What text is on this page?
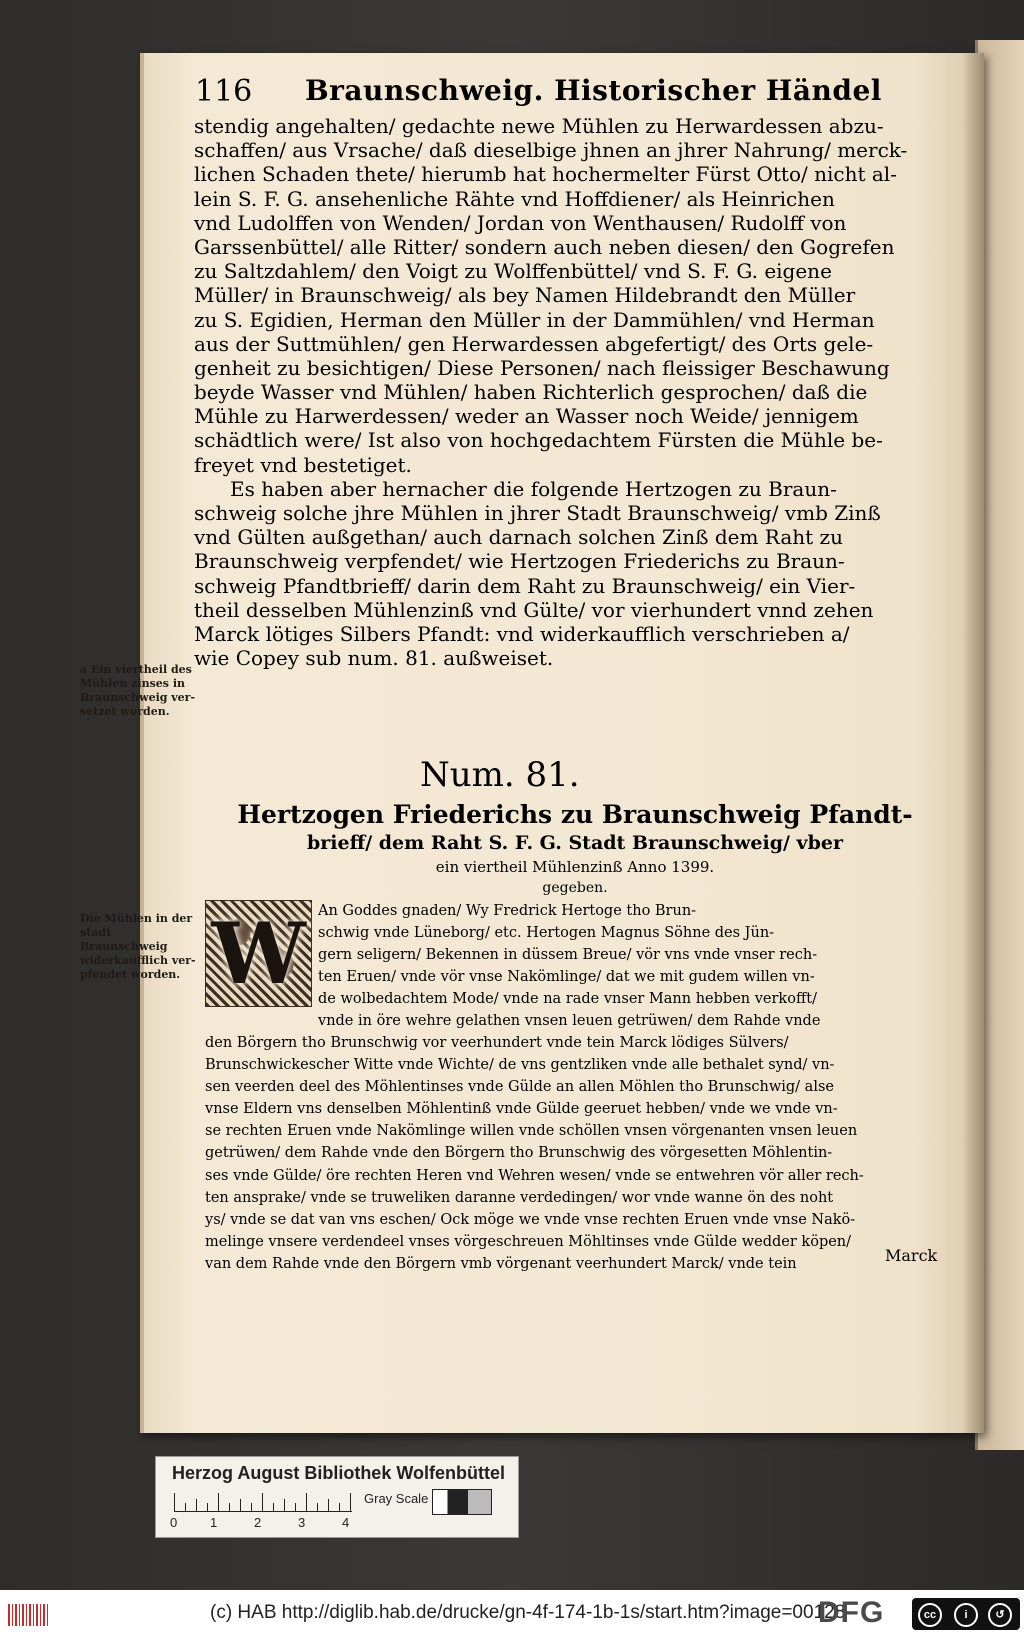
116 Braunschweig. Historischer Händel
stendig angehalten/ gedachte newe Mühlen zu Herwardessen abzu-
schaffen/ aus Vrsache/ daß dieselbige jhnen an jhrer Nahrung/ merck-
lichen Schaden thete/ hierumb hat hochermelter Fürst Otto/ nicht al-
lein S. F. G. ansehenliche Rähte vnd Hoffdiener/ als Heinrichen
vnd Ludolffen von Wenden/ Jordan von Wenthausen/ Rudolff von
Garssenbüttel/ alle Ritter/ sondern auch neben diesen/ den Gogrefen
zu Saltzdahlem/ den Voigt zu Wolffenbüttel/ vnd S. F. G. eigene
Müller/ in Braunschweig/ als bey Namen Hildebrandt den Müller
zu S. Egidien, Herman den Müller in der Dammühlen/ vnd Herman
aus der Suttmühlen/ gen Herwardessen abgefertigt/ des Orts gele-
genheit zu besichtigen/ Diese Personen/ nach fleissiger Beschawung
beyde Wasser vnd Mühlen/ haben Richterlich gesprochen/ daß die
Mühle zu Harwerdessen/ weder an Wasser noch Weide/ jennigem
schädtlich were/ Ist also von hochgedachtem Fürsten die Mühle be-
freyet vnd bestetiget.
Es haben aber hernacher die folgende Hertzogen zu Braun-
schweig solche jhre Mühlen in jhrer Stadt Braunschweig/ vmb Zinß
vnd Gülten außgethan/ auch darnach solchen Zinß dem Raht zu
Braunschweig verpfendet/ wie Hertzogen Friederichs zu Braun-
schweig Pfandtbrieff/ darin dem Raht zu Braunschweig/ ein Vier-
theil desselben Mühlenzinß vnd Gülte/ vor vierhundert vnnd zehen
Marck lötiges Silbers Pfandt: vnd widerkaufflich verschrieben a/
wie Copey sub num. 81. außweiset.
a Ein viertheil des Mühlen zinses in Braunschweig ver- setzet worden.
Num. 81.
Hertzogen Friederichs zu Braunschweig Pfandt-
brieff/ dem Raht S. F. G. Stadt Braunschweig/ vber
ein viertheil Mühlenzinß Anno 1399.
gegeben.
Die Mühlen in der stadt Braunschweig widerkaufflich ver- pfendet worden. W An Goddes gnaden/ Wy Fredrick Hertoge tho Brun-
schwig vnde Lüneborg/ etc. Hertogen Magnus Söhne des Jün-
gern seligern/ Bekennen in düssem Breue/ vör vns vnde vnser rech-
ten Eruen/ vnde vör vnse Nakömlinge/ dat we mit gudem willen vn-
de wolbedachtem Mode/ vnde na rade vnser Mann hebben verkofft/
vnde in öre wehre gelathen vnsen leuen getrüwen/ dem Rahde vnde
den Börgern tho Brunschwig vor veerhundert vnde tein Marck lödiges Sülvers/
Brunschwickescher Witte vnde Wichte/ de vns gentzliken vnde alle bethalet synd/ vn-
sen veerden deel des Möhlentinses vnde Gülde an allen Möhlen tho Brunschwig/ alse
vnse Eldern vns denselben Möhlentinß vnde Gülde geeruet hebben/ vnde we vnde vn-
se rechten Eruen vnde Nakömlinge willen vnde schöllen vnsen vörgenanten vnsen leuen
getrüwen/ dem Rahde vnde den Börgern tho Brunschwig des vörgesetten Möhlentin-
ses vnde Gülde/ öre rechten Heren vnd Wehren wesen/ vnde se entwehren vör aller rech-
ten ansprake/ vnde se truweliken daranne verdedingen/ wor vnde wanne ön des noht
ys/ vnde se dat van vns eschen/ Ock möge we vnde vnse rechten Eruen vnde vnse Nakö-
melinge vnsere verdendeel vnses vörgeschreuen Möhltinses vnde Gülde wedder köpen/
van dem Rahde vnde den Börgern vmb vörgenant veerhundert Marck/ vnde tein	Marck
Herzog August Bibliothek Wolfenbüttel
Gray Scale
0	1	2	3	4
(c) HAB http://diglib.hab.de/drucke/gn-4f-174-1b-1s/start.htm?image=00128
DFG	cc	i	↺
